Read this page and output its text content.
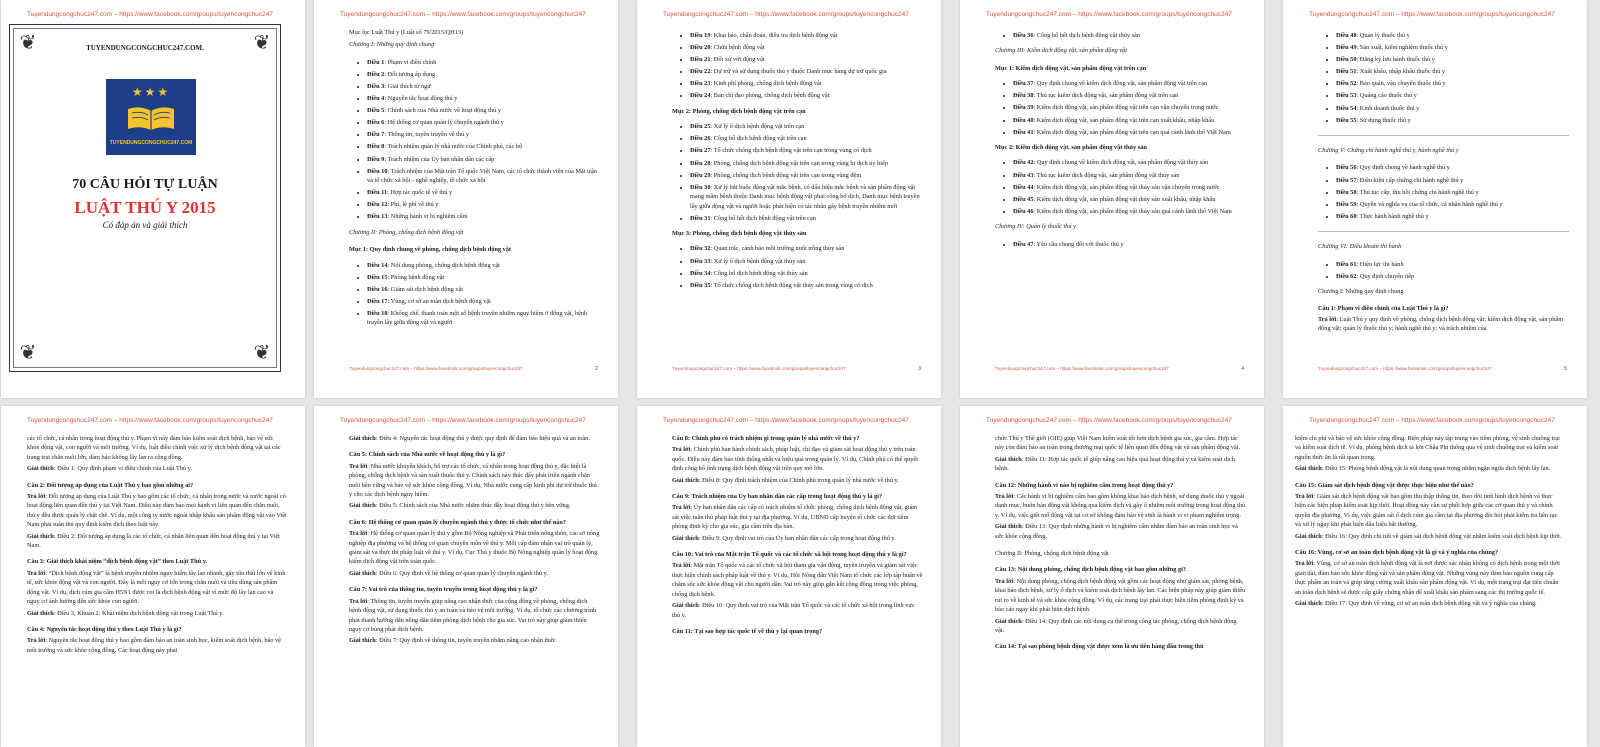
Tuyendungcongchuc247.com – https://www.facebook.com/groups/tuyencongchuc247
❦	❦
❦	❦
TUYENDUNGCONGCHUC247.COM.
★★★
TUYENDUNGCONGCHUC247.COM
70 CÂU HỎI TỰ LUẬN
LUẬT THÚ Y 2015
Có đáp án và giải thích
Tuyendungcongchuc247.com – https://www.facebook.com/groups/tuyencongchuc247

Mục lục Luật Thú y (Luật số 79/2015/QH13)

Chương I: Những quy định chung
• Điều 1: Phạm vi điều chỉnh
• Điều 2: Đối tượng áp dụng
• Điều 3: Giải thích từ ngữ
• Điều 4: Nguyên tắc hoạt động thú y
• Điều 5: Chính sách của Nhà nước về hoạt động thú y
• Điều 6: Hệ thống cơ quan quản lý chuyên ngành thú y
• Điều 7: Thông tin, tuyên truyền về thú y
• Điều 8: Trách nhiệm quản lý nhà nước của Chính phủ, các bộ
• Điều 9: Trách nhiệm của Ủy ban nhân dân các cấp
• Điều 10: Trách nhiệm của Mặt trận Tổ quốc Việt Nam, các tổ chức thành viên của Mặt trận và tổ chức xã hội - nghề nghiệp, tổ chức xã hội
• Điều 11: Hợp tác quốc tế về thú y
• Điều 12: Phí, lệ phí về thú y
• Điều 13: Những hành vi bị nghiêm cấm
Chương II: Phòng, chống dịch bệnh động vật
Mục 1: Quy định chung về phòng, chống dịch bệnh động vật
• Điều 14: Nội dung phòng, chống dịch bệnh động vật
• Điều 15: Phòng bệnh động vật
• Điều 16: Giám sát dịch bệnh động vật
• Điều 17: Vùng, cơ sở an toàn dịch bệnh động vật
• Điều 18: Khống chế, thanh toán một số bệnh truyền nhiễm nguy hiểm ở động vật, bệnh truyền lây giữa động vật và người
Tuyendungcongchuc247.com – https://www.facebook.com/groups/tuyencongchuc247	2
Tuyendungcongchuc247.com – https://www.facebook.com/groups/tuyencongchuc247
• Điều 19: Khai báo, chẩn đoán, điều tra dịch bệnh động vật
• Điều 20: Chữa bệnh động vật
• Điều 21: Đối xử với động vật
• Điều 22: Dự trữ và sử dụng thuốc thú y thuộc Danh mục hàng dự trữ quốc gia
• Điều 23: Kinh phí phòng, chống dịch bệnh động vật
• Điều 24: Ban chỉ đạo phòng, chống dịch bệnh động vật
Mục 2: Phòng, chống dịch bệnh động vật trên cạn
• Điều 25: Xử lý ổ dịch bệnh động vật trên cạn
• Điều 26: Công bố dịch bệnh động vật trên cạn
• Điều 27: Tổ chức chống dịch bệnh động vật trên cạn trong vùng có dịch
• Điều 28: Phòng, chống dịch bệnh động vật trên cạn trong vùng bị dịch uy hiếp
• Điều 29: Phòng, chống dịch bệnh động vật trên cạn trong vùng đệm
• Điều 30: Xử lý bắt buộc động vật mắc bệnh, có dấu hiệu mắc bệnh và sản phẩm động vật mang mầm bệnh thuộc Danh mục bệnh động vật phải công bố dịch, Danh mục bệnh truyền lây giữa động vật và người hoặc phát hiện có tác nhân gây bệnh truyền nhiễm mới
• Điều 31: Công bố hết dịch bệnh động vật trên cạn
Mục 3: Phòng, chống dịch bệnh động vật thủy sản
• Điều 32: Quan trắc, cảnh báo môi trường nuôi trồng thủy sản
• Điều 33: Xử lý ổ dịch bệnh động vật thủy sản
• Điều 34: Công bố dịch bệnh động vật thủy sản
• Điều 35: Tổ chức chống dịch bệnh động vật thủy sản trong vùng có dịch
Tuyendungcongchuc247.com – https://www.facebook.com/groups/tuyencongchuc247	3
Tuyendungcongchuc247.com – https://www.facebook.com/groups/tuyencongchuc247
• Điều 36: Công bố hết dịch bệnh động vật thủy sản
Chương III: Kiểm dịch động vật, sản phẩm động vật
Mục 1: Kiểm dịch động vật, sản phẩm động vật trên cạn
• Điều 37: Quy định chung về kiểm dịch động vật, sản phẩm động vật trên cạn
• Điều 38: Thủ tục kiểm dịch động vật, sản phẩm động vật trên cạn
• Điều 39: Kiểm dịch động vật, sản phẩm động vật trên cạn vận chuyển trong nước
• Điều 40: Kiểm dịch động vật, sản phẩm động vật trên cạn xuất khẩu, nhập khẩu
• Điều 41: Kiểm dịch động vật, sản phẩm động vật trên cạn quá cảnh lãnh thổ Việt Nam
Mục 2: Kiểm dịch động vật, sản phẩm động vật thủy sản
• Điều 42: Quy định chung về kiểm dịch động vật, sản phẩm động vật thủy sản
• Điều 43: Thủ tục kiểm dịch động vật, sản phẩm động vật thủy sản
• Điều 44: Kiểm dịch động vật, sản phẩm động vật thủy sản vận chuyển trong nước
• Điều 45: Kiểm dịch động vật, sản phẩm động vật thủy sản xuất khẩu, nhập khẩu
• Điều 46: Kiểm dịch động vật, sản phẩm động vật thủy sản quá cảnh lãnh thổ Việt Nam
Chương IV: Quản lý thuốc thú y
• Điều 47: Yêu cầu chung đối với thuốc thú y
Tuyendungcongchuc247.com – https://www.facebook.com/groups/tuyencongchuc247	4
Tuyendungcongchuc247.com – https://www.facebook.com/groups/tuyencongchuc247
• Điều 48: Quản lý thuốc thú y
• Điều 49: Sản xuất, kiểm nghiệm thuốc thú y
• Điều 50: Đăng ký lưu hành thuốc thú y
• Điều 51: Xuất khẩu, nhập khẩu thuốc thú y
• Điều 52: Bảo quản, vận chuyển thuốc thú y
• Điều 53: Quảng cáo thuốc thú y
• Điều 54: Kinh doanh thuốc thú y
• Điều 55: Sử dụng thuốc thú y
Chương V: Chứng chỉ hành nghề thú y, hành nghề thú y
• Điều 56: Quy định chung về hành nghề thú y
• Điều 57: Điều kiện cấp chứng chỉ hành nghề thú y
• Điều 58: Thủ tục cấp, thu hồi chứng chỉ hành nghề thú y
• Điều 59: Quyền và nghĩa vụ của tổ chức, cá nhân hành nghề thú y
• Điều 60: Thực hành hành nghề thú y
Chương VI: Điều khoản thi hành
• Điều 61: Hiệu lực thi hành
• Điều 62: Quy định chuyển tiếp

Chương I: Những quy định chung

Câu 1: Phạm vi điều chỉnh của Luật Thú y là gì?

Trả lời: Luật Thú y quy định về phòng, chống dịch bệnh động vật; kiểm dịch động vật, sản phẩm động vật; quản lý thuốc thú y; hành nghề thú y; và trách nhiệm của

Tuyendungcongchuc247.com – https://www.facebook.com/groups/tuyencongchuc247	5
Tuyendungcongchuc247.com – https://www.facebook.com/groups/tuyencongchuc247

các tổ chức, cá nhân trong hoạt động thú y. Phạm vi này đảm bảo kiểm soát dịch bệnh, bảo vệ sức khỏe động vật, con người và môi trường. Ví dụ, luật điều chỉnh việc xử lý dịch bệnh động vật tại các trang trại chăn nuôi lớn, đảm bảo không lây lan ra cộng đồng.

Giải thích: Điều 1: Quy định phạm vi điều chỉnh của Luật Thú y.

Câu 2: Đối tượng áp dụng của Luật Thú y bao gồm những ai?

Trả lời: Đối tượng áp dụng của Luật Thú y bao gồm các tổ chức, cá nhân trong nước và nước ngoài có hoạt động liên quan đến thú y tại Việt Nam. Điều này đảm bảo mọi hành vi liên quan đến chăn nuôi, thú y đều được quản lý chặt chẽ. Ví dụ, một công ty nước ngoài nhập khẩu sản phẩm động vật vào Việt Nam phải tuân thủ quy định kiểm dịch theo luật này.

Giải thích: Điều 2: Đối tượng áp dụng là các tổ chức, cá nhân liên quan đến hoạt động thú y tại Việt Nam.

Câu 3: Giải thích khái niệm “dịch bệnh động vật” theo Luật Thú y.

Trả lời: “Dịch bệnh động vật” là bệnh truyền nhiễm nguy hiểm lây lan nhanh, gây tổn thất lớn về kinh tế, sức khỏe động vật và con người. Đây là mối nguy cơ lớn trong chăn nuôi và tiêu dùng sản phẩm động vật. Ví dụ, dịch cúm gia cầm H5N1 được coi là dịch bệnh động vật vì mức độ lây lan cao và nguy cơ ảnh hưởng đến sức khỏe con người.

Giải thích: Điều 3, Khoản 2: Khái niệm dịch bệnh động vật trong Luật Thú y.

Câu 4: Nguyên tắc hoạt động thú y theo Luật Thú y là gì?

Trả lời: Nguyên tắc hoạt động thú y bao gồm đảm bảo an toàn sinh học, kiểm soát dịch bệnh, bảo vệ môi trường và sức khỏe cộng đồng. Các hoạt động này phải

Tuyendungcongchuc247.com – https://www.facebook.com/groups/tuyencongchuc247

Giải thích: Điều 4: Nguyên tắc hoạt động thú y được quy định để đảm bảo hiệu quả và an toàn.

Câu 5: Chính sách của Nhà nước về hoạt động thú y là gì?

Trả lời: Nhà nước khuyến khích, hỗ trợ các tổ chức, cá nhân trong hoạt động thú y, đặc biệt là phòng, chống dịch bệnh và sản xuất thuốc thú y. Chính sách này thúc đẩy phát triển ngành chăn nuôi bền vững và bảo vệ sức khỏe cộng đồng. Ví dụ, Nhà nước cung cấp kinh phí dự trữ thuốc thú y cho các dịch bệnh nguy hiểm.

Giải thích: Điều 5: Chính sách của Nhà nước nhằm thúc đẩy hoạt động thú y bền vững.

Câu 6: Hệ thống cơ quan quản lý chuyên ngành thú y được tổ chức như thế nào?

Trả lời: Hệ thống cơ quan quản lý thú y gồm Bộ Nông nghiệp và Phát triển nông thôn, các sở nông nghiệp địa phương và hệ thống cơ quan chuyên môn về thú y. Mỗi cấp đảm nhận vai trò quản lý, giám sát và thực thi pháp luật về thú y. Ví dụ, Cục Thú y thuộc Bộ Nông nghiệp quản lý hoạt động kiểm dịch động vật trên toàn quốc.

Giải thích: Điều 6: Quy định về hệ thống cơ quan quản lý chuyên ngành thú y.

Câu 7: Vai trò của thông tin, tuyên truyền trong hoạt động thú y là gì?

Trả lời: Thông tin, tuyên truyền giúp nâng cao nhận thức của cộng đồng về phòng, chống dịch bệnh động vật, sử dụng thuốc thú y an toàn và bảo vệ môi trường. Ví dụ, tổ chức các chương trình phát thanh hướng dẫn nông dân tiêm phòng dịch bệnh cho gia súc. Vai trò này giúp giảm thiểu nguy cơ bùng phát dịch bệnh.

Giải thích: Điều 7: Quy định về thông tin, tuyên truyền nhằm nâng cao nhận thức

Tuyendungcongchuc247.com – https://www.facebook.com/groups/tuyencongchuc247

Câu 8: Chính phủ có trách nhiệm gì trong quản lý nhà nước về thú y?

Trả lời: Chính phủ ban hành chính sách, pháp luật, chỉ đạo và giám sát hoạt động thú y trên toàn quốc. Điều này đảm bảo tính thống nhất và hiệu quả trong quản lý. Ví dụ, Chính phủ có thể quyết định công bố tình trạng dịch bệnh động vật trên quy mô lớn.

Giải thích: Điều 8: Quy định trách nhiệm của Chính phủ trong quản lý nhà nước về thú y.

Câu 9: Trách nhiệm của Ủy ban nhân dân các cấp trong hoạt động thú y là gì?

Trả lời: Ủy ban nhân dân các cấp có trách nhiệm tổ chức phòng, chống dịch bệnh động vật, giám sát việc tuân thủ pháp luật thú y tại địa phương. Ví dụ, UBND cấp huyện tổ chức các đợt tiêm phòng định kỳ cho gia súc, gia cầm trên địa bàn.

Giải thích: Điều 9: Quy định vai trò của Ủy ban nhân dân các cấp trong hoạt động thú y.

Câu 10: Vai trò của Mặt trận Tổ quốc và các tổ chức xã hội trong hoạt động thú y là gì?

Trả lời: Mặt trận Tổ quốc và các tổ chức xã hội tham gia vận động, tuyên truyền và giám sát việc thực hiện chính sách pháp luật về thú y. Ví dụ, Hội Nông dân Việt Nam tổ chức các lớp tập huấn về chăm sóc sức khỏe động vật cho người dân. Vai trò này giúp gắn kết cộng đồng trong việc phòng, chống dịch bệnh.

Giải thích: Điều 10: Quy định vai trò của Mặt trận Tổ quốc và các tổ chức xã hội trong lĩnh vực thú y.

Câu 11: Tại sao hợp tác quốc tế về thú y lại quan trọng?

Tuyendungcongchuc247.com – https://www.facebook.com/groups/tuyencongchuc247

chức Thú y Thế giới (OIE) giúp Việt Nam kiểm soát tốt hơn dịch bệnh gia súc, gia cầm. Hợp tác này còn đảm bảo an toàn trong thương mại quốc tế liên quan đến động vật và sản phẩm động vật.

Giải thích: Điều 11: Hợp tác quốc tế giúp nâng cao hiệu quả hoạt động thú y và kiểm soát dịch bệnh.

Câu 12: Những hành vi nào bị nghiêm cấm trong hoạt động thú y?

Trả lời: Các hành vi bị nghiêm cấm bao gồm không khai báo dịch bệnh, sử dụng thuốc thú y ngoài danh mục, buôn bán động vật không qua kiểm dịch và gây ô nhiễm môi trường trong hoạt động thú y. Ví dụ, việc giết mổ động vật tại cơ sở không đảm bảo vệ sinh là hành vi vi phạm nghiêm trọng.

Giải thích: Điều 13: Quy định những hành vi bị nghiêm cấm nhằm đảm bảo an toàn sinh học và sức khỏe cộng đồng.

Chương II: Phòng, chống dịch bệnh động vật

Câu 13: Nội dung phòng, chống dịch bệnh động vật bao gồm những gì?

Trả lời: Nội dung phòng, chống dịch bệnh động vật gồm các hoạt động như giám sát, phòng bệnh, khai báo dịch bệnh, xử lý ổ dịch và kiểm soát dịch bệnh lây lan. Các biện pháp này giúp giảm thiểu rủi ro về kinh tế và sức khỏe cộng đồng. Ví dụ, các trang trại phải thực hiện tiêm phòng định kỳ và báo cáo ngay khi phát hiện dịch bệnh.

Giải thích: Điều 14: Quy định các nội dung cụ thể trong công tác phòng, chống dịch bệnh động vật.

Câu 14: Tại sao phòng bệnh động vật được xem là ưu tiên hàng đầu trong thú

Tuyendungcongchuc247.com – https://www.facebook.com/groups/tuyencongchuc247

kiệm chi phí và bảo vệ sức khỏe cộng đồng. Biện pháp này tập trung vào tiêm phòng, vệ sinh chuồng trại và kiểm soát dịch tễ. Ví dụ, phòng bệnh dịch tả lợn Châu Phi thông qua vệ sinh chuồng trại và kiểm soát nguồn thức ăn là rất quan trọng.

Giải thích: Điều 15: Phòng bệnh động vật là nội dung quan trọng nhằm ngăn ngừa dịch bệnh lây lan.

Câu 15: Giám sát dịch bệnh động vật được thực hiện như thế nào?

Trả lời: Giám sát dịch bệnh động vật bao gồm thu thập thông tin, theo dõi tình hình dịch bệnh và thực hiện các biện pháp kiểm soát kịp thời. Hoạt động này cần sự phối hợp giữa các cơ quan thú y và chính quyền địa phương. Ví dụ, việc giám sát ổ dịch cúm gia cầm tại địa phương đòi hỏi phải kiểm tra liên tục và xử lý ngay khi phát hiện dấu hiệu bất thường.

Giải thích: Điều 16: Quy định chi tiết về giám sát dịch bệnh động vật nhằm kiểm soát dịch bệnh kịp thời.

Câu 16: Vùng, cơ sở an toàn dịch bệnh động vật là gì và ý nghĩa của chúng?

Trả lời: Vùng, cơ sở an toàn dịch bệnh động vật là nơi được xác nhận không có dịch bệnh trong một thời gian dài, đảm bảo sức khỏe động vật và sản phẩm động vật. Những vùng này đảm bảo nguồn cung cấp thực phẩm an toàn và giúp tăng cường xuất khẩu sản phẩm động vật. Ví dụ, một trang trại đạt tiêu chuẩn an toàn dịch bệnh sẽ được cấp giấy chứng nhận để xuất khẩu sản phẩm sang các thị trường quốc tế.

Giải thích: Điều 17: Quy định về vùng, cơ sở an toàn dịch bệnh động vật và ý nghĩa của chúng.
